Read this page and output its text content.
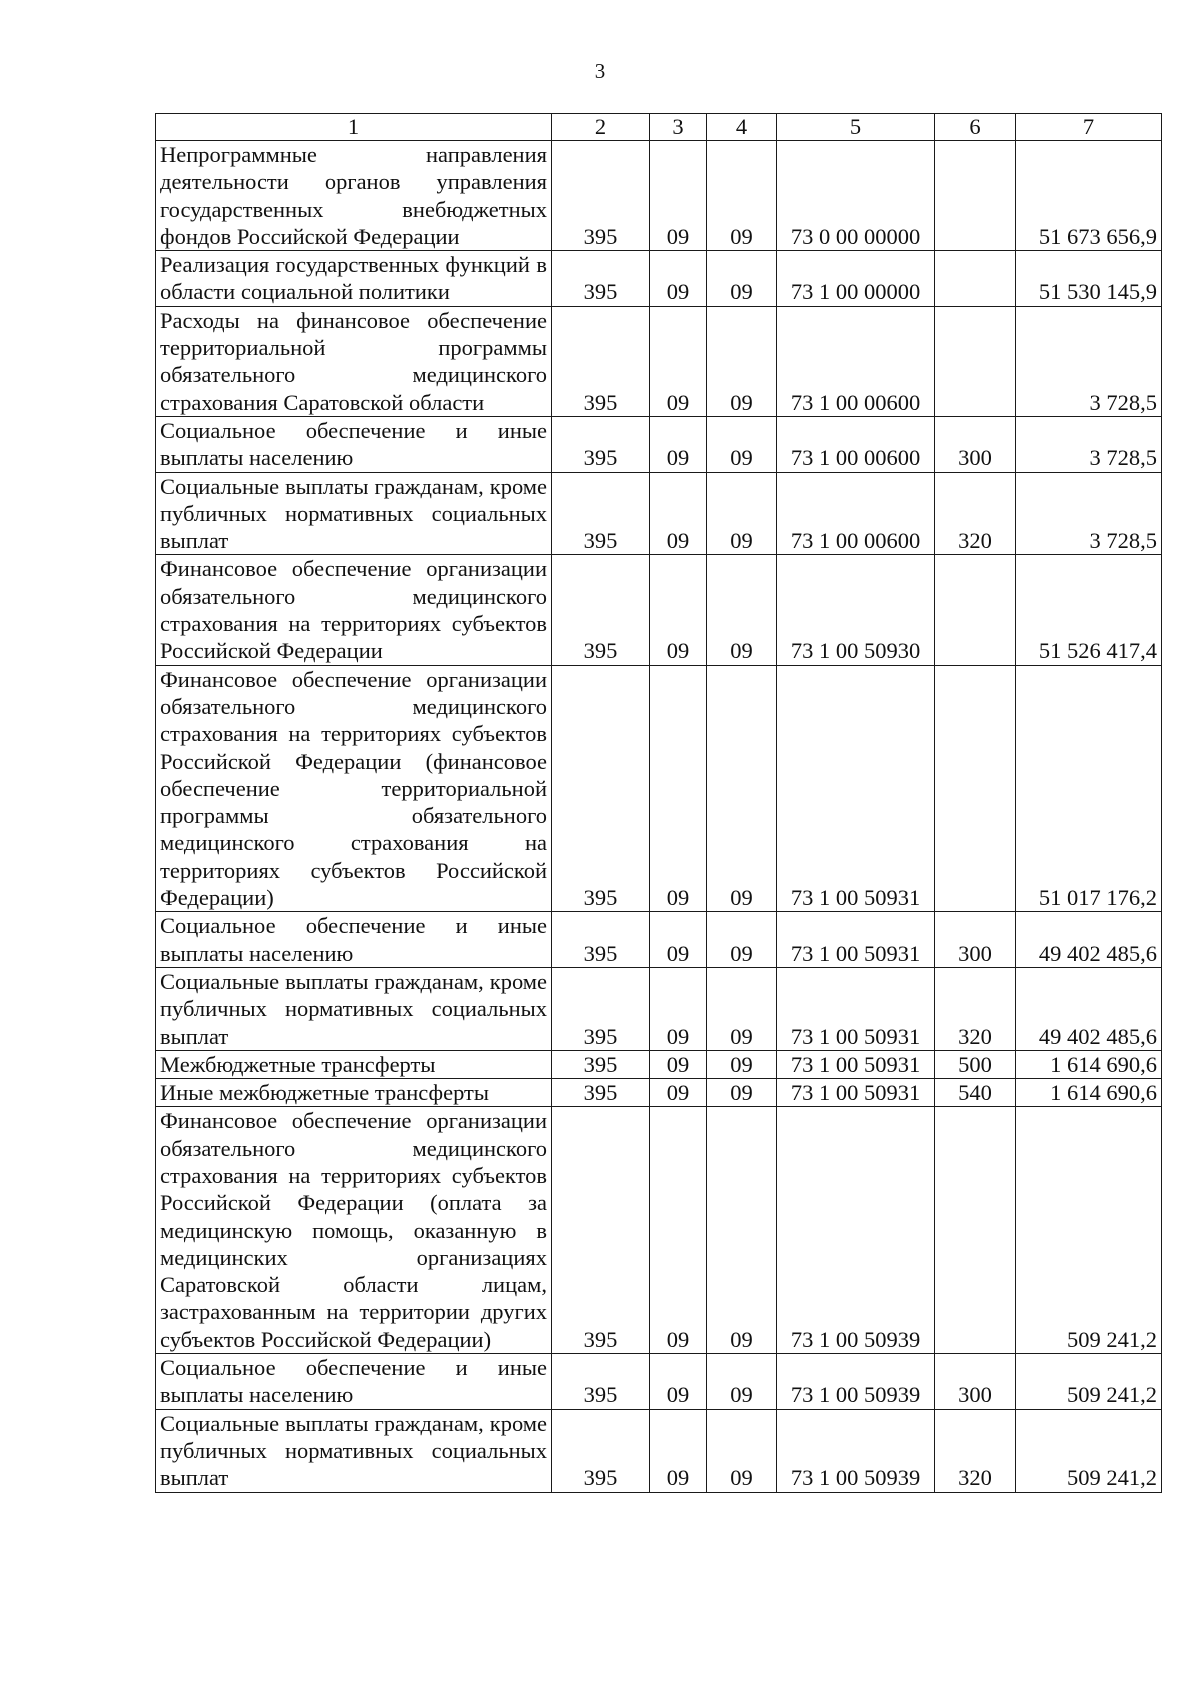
3
1	2	3	4	5	6	7
Непрограммные направления деятельности органов управления государственных внебюджетных фондов Российской Федерации	395	09	09	73 0 00 00000		51 673 656,9
Реализация государственных функций в области социальной политики	395	09	09	73 1 00 00000		51 530 145,9
Расходы на финансовое обеспечение территориальной программы обязательного медицинского страхования Саратовской области	395	09	09	73 1 00 00600		3 728,5
Социальное обеспечение и иные выплаты населению	395	09	09	73 1 00 00600	300	3 728,5
Социальные выплаты гражданам, кроме публичных нормативных социальных выплат	395	09	09	73 1 00 00600	320	3 728,5
Финансовое обеспечение организации обязательного медицинского страхования на территориях субъектов Российской Федерации	395	09	09	73 1 00 50930		51 526 417,4
Финансовое обеспечение организации обязательного медицинского страхования на территориях субъектов Российской Федерации (финансовое обеспечение территориальной программы обязательного медицинского страхования на территориях субъектов Российской Федерации)	395	09	09	73 1 00 50931		51 017 176,2
Социальное обеспечение и иные выплаты населению	395	09	09	73 1 00 50931	300	49 402 485,6
Социальные выплаты гражданам, кроме публичных нормативных социальных выплат	395	09	09	73 1 00 50931	320	49 402 485,6
Межбюджетные трансферты	395	09	09	73 1 00 50931	500	1 614 690,6
Иные межбюджетные трансферты	395	09	09	73 1 00 50931	540	1 614 690,6
Финансовое обеспечение организации обязательного медицинского страхования на территориях субъектов Российской Федерации (оплата за медицинскую помощь, оказанную в медицинских организациях Саратовской области лицам, застрахованным на территории других субъектов Российской Федерации)	395	09	09	73 1 00 50939		509 241,2
Социальное обеспечение и иные выплаты населению	395	09	09	73 1 00 50939	300	509 241,2
Социальные выплаты гражданам, кроме публичных нормативных социальных выплат	395	09	09	73 1 00 50939	320	509 241,2
